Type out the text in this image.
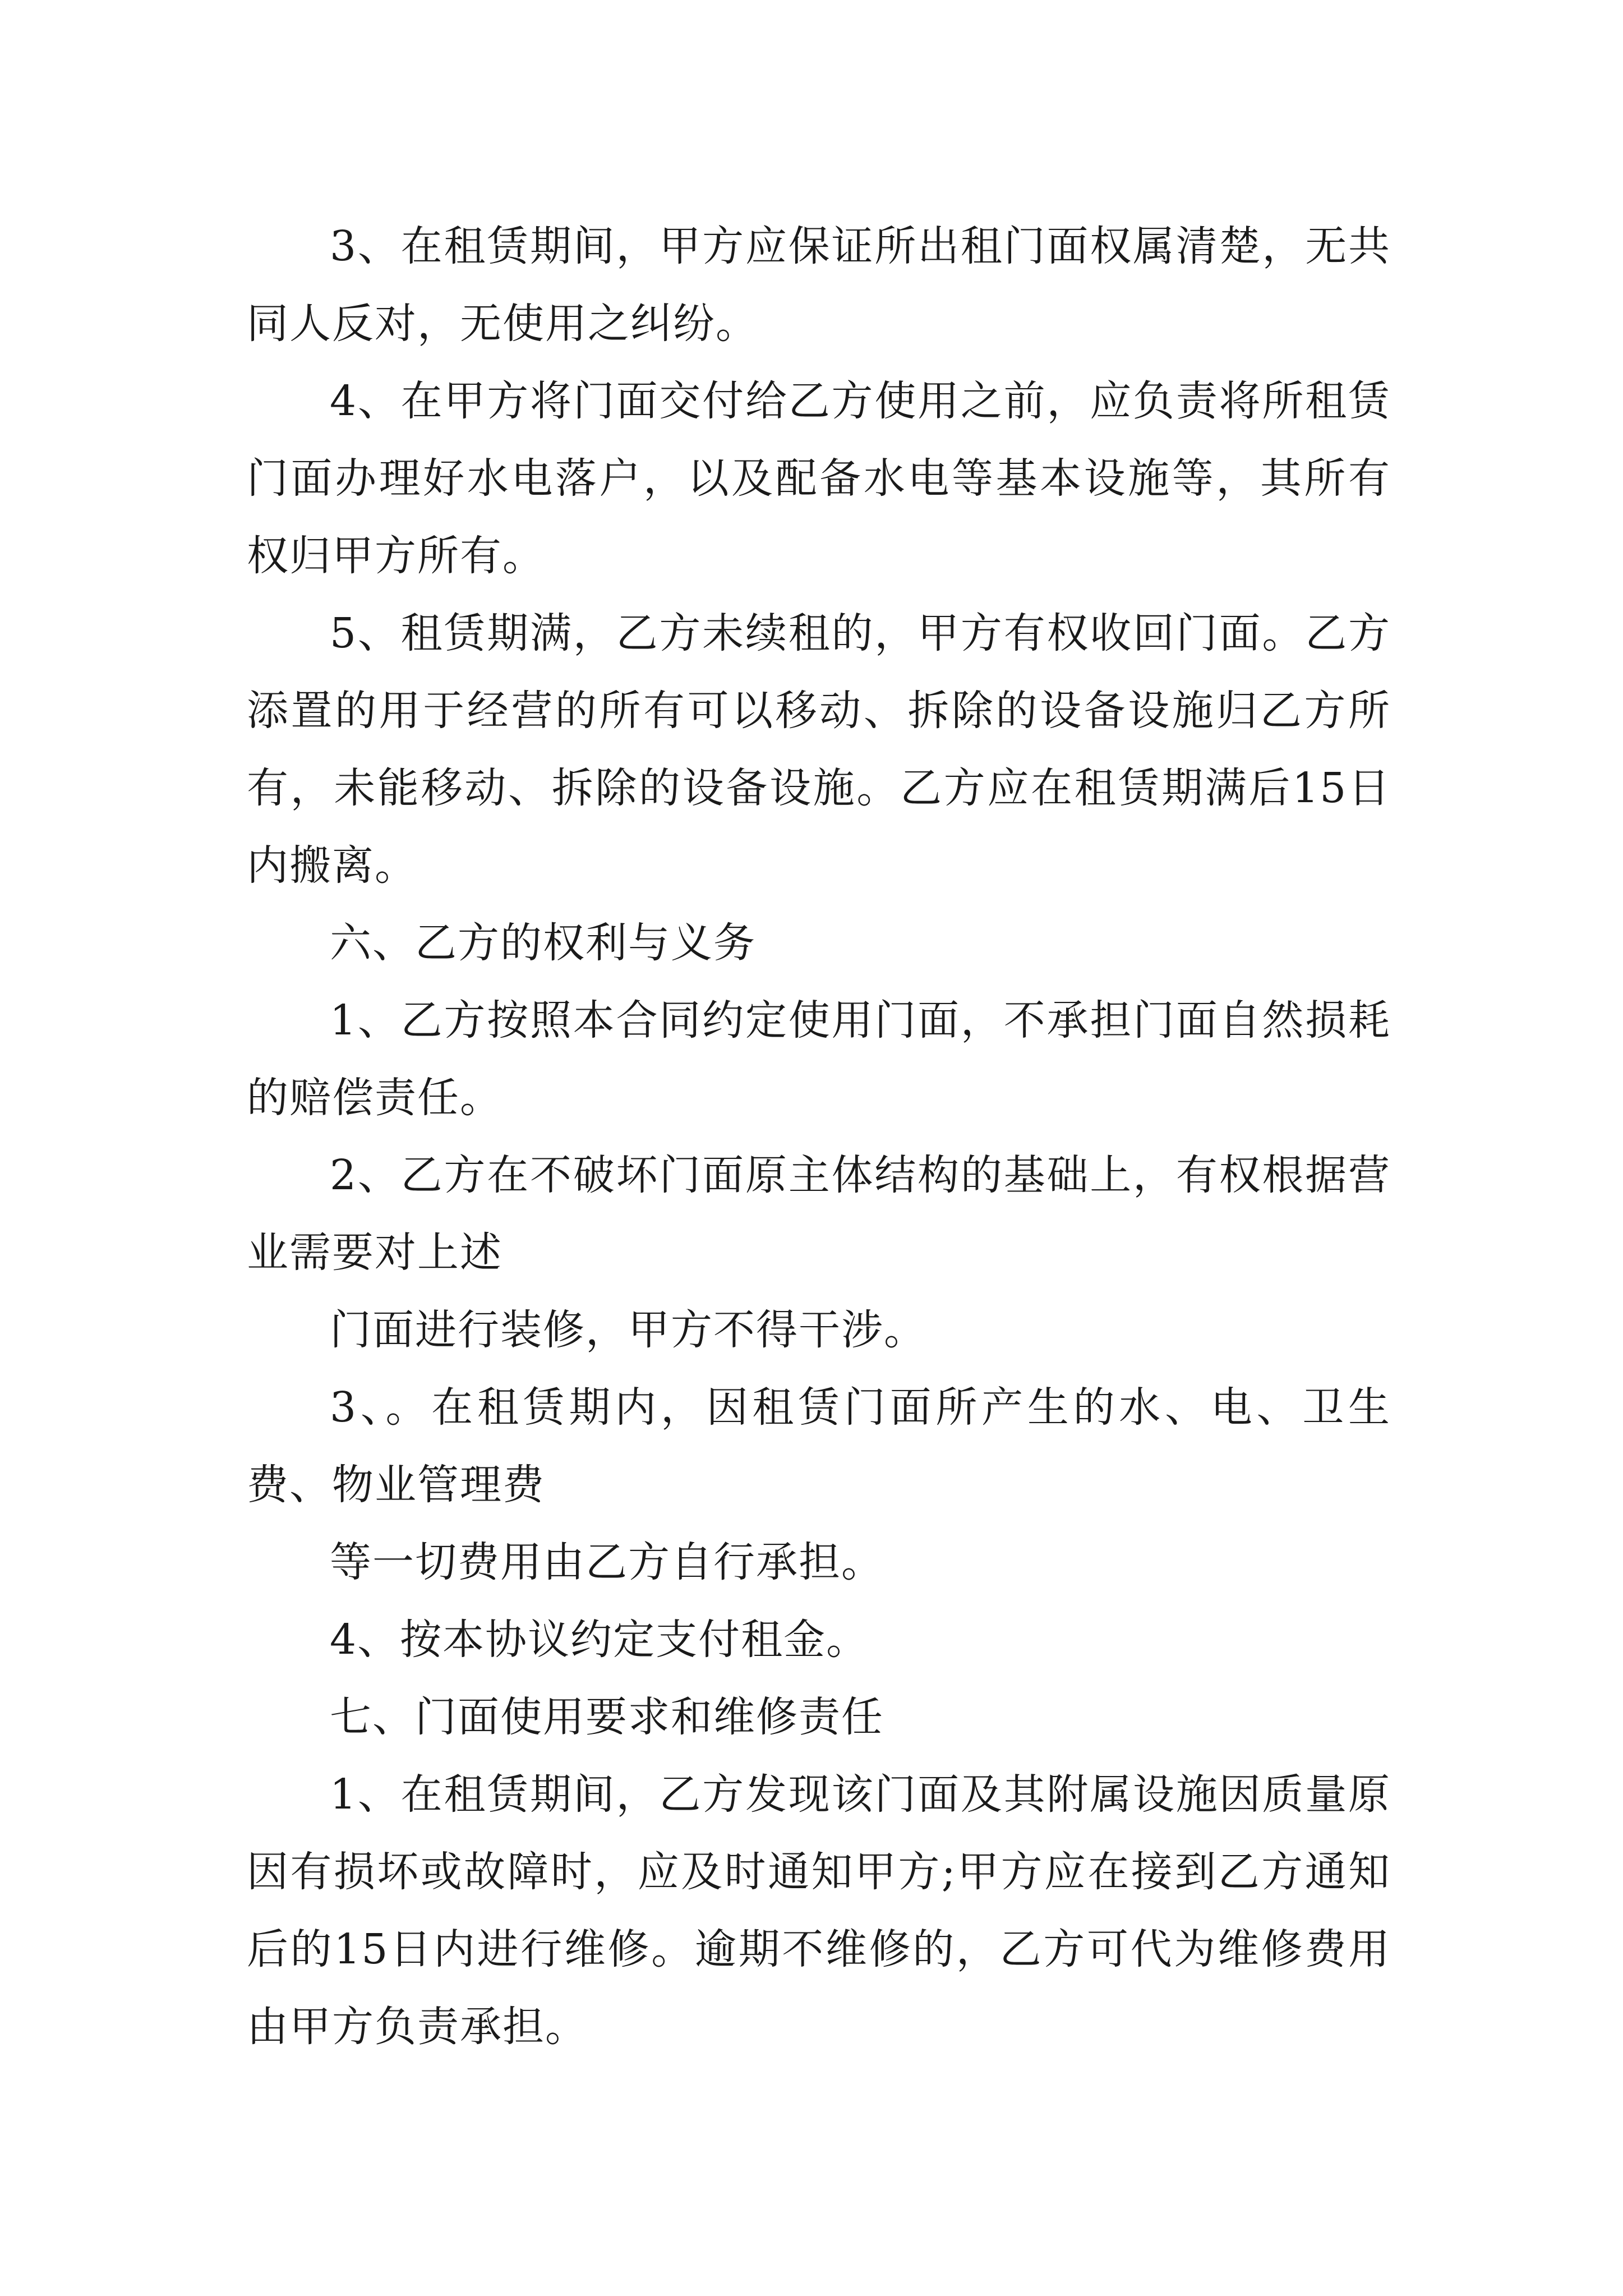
3、在租赁期间，甲方应保证所出租门面权属清楚，无共同人反对，无使用之纠纷。

4、在甲方将门面交付给乙方使用之前，应负责将所租赁门面办理好水电落户，以及配备水电等基本设施等，其所有权归甲方所有。

5、租赁期满，乙方未续租的，甲方有权收回门面。乙方添置的用于经营的所有可以移动、拆除的设备设施归乙方所有，未能移动、拆除的设备设施。乙方应在租赁期满后15日内搬离。

六、乙方的权利与义务

1、乙方按照本合同约定使用门面，不承担门面自然损耗的赔偿责任。

2、乙方在不破坏门面原主体结构的基础上，有权根据营业需要对上述

门面进行装修，甲方不得干涉。

3、。在租赁期内，因租赁门面所产生的水、电、卫生费、物业管理费

等一切费用由乙方自行承担。

4、按本协议约定支付租金。

七、门面使用要求和维修责任

1、在租赁期间，乙方发现该门面及其附属设施因质量原因有损坏或故障时，应及时通知甲方;甲方应在接到乙方通知后的15日内进行维修。逾期不维修的，乙方可代为维修费用由甲方负责承担。
